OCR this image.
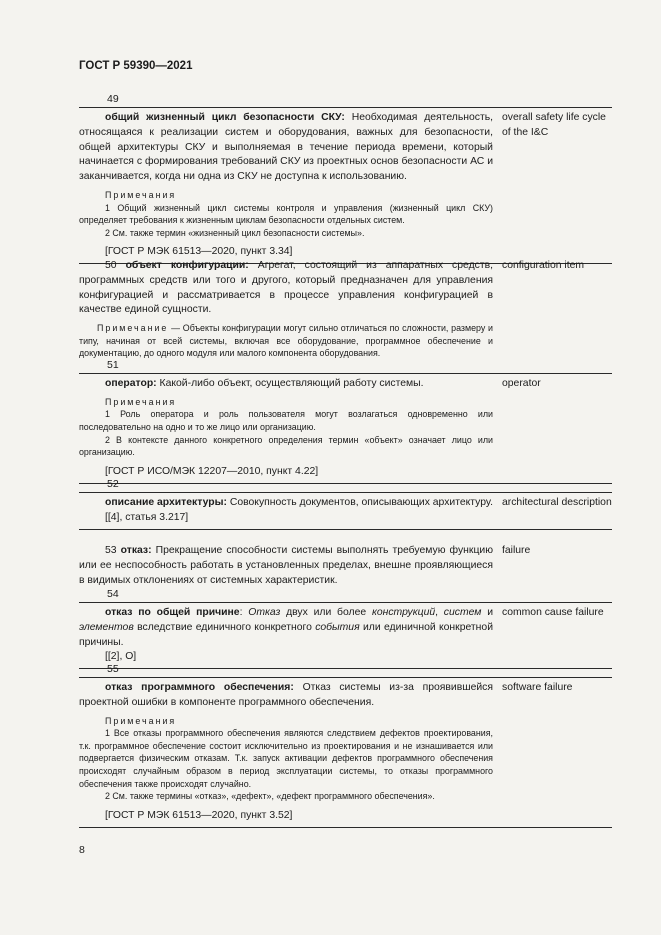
ГОСТ Р 59390—2021
49
общий жизненный цикл безопасности СКУ: Необходимая деятельность, относящаяся к реализации систем и оборудования, важных для безопасности, общей архитектуры СКУ и выполняемая в течение периода времени, который начинается с формирования требований СКУ из проектных основ безопасности АС и заканчивается, когда ни одна из СКУ не доступна к использованию.
Примечания
1 Общий жизненный цикл системы контроля и управления (жизненный цикл СКУ) определяет требования к жизненным циклам безопасности отдельных систем.
2 См. также термин «жизненный цикл безопасности системы».
[ГОСТ Р МЭК 61513—2020, пункт 3.34]
overall safety life cycle of the I&C
50 объект конфигурации: Агрегат, состоящий из аппаратных средств, программных средств или того и другого, который предназначен для управления конфигурацией и рассматривается в процессе управления конфигурацией в качестве единой сущности.
Примечание — Объекты конфигурации могут сильно отличаться по сложности, размеру и типу, начиная от всей системы, включая все оборудование, программное обеспечение и документацию, до одного модуля или малого компонента оборудования.
configuration item
51
оператор: Какой-либо объект, осуществляющий работу системы.
Примечания
1 Роль оператора и роль пользователя могут возлагаться одновременно или последовательно на одно и то же лицо или организацию.
2 В контексте данного конкретного определения термин «объект» означает лицо или организацию.
[ГОСТ Р ИСО/МЭК 12207—2010, пункт 4.22]
operator
52
описание архитектуры: Совокупность документов, описывающих архитектуру.
[[4], статья 3.217]
architectural description
53 отказ: Прекращение способности системы выполнять требуемую функцию или ее неспособность работать в установленных пределах, внешне проявляющиеся в видимых отклонениях от системных характеристик.
failure
54
отказ по общей причине: Отказ двух или более конструкций, систем и элементов вследствие единичного конкретного события или единичной конкретной причины.
[[2], O]
common cause failure
55
отказ программного обеспечения: Отказ системы из-за проявившейся проектной ошибки в компоненте программного обеспечения.
Примечания
1 Все отказы программного обеспечения являются следствием дефектов проектирования, т.к. программное обеспечение состоит исключительно из проектирования и не изнашивается или подвергается физическим отказам. Т.к. запуск активации дефектов программного обеспечения происходят случайным образом в период эксплуатации системы, то отказы программного обеспечения также происходят случайно.
2 См. также термины «отказ», «дефект», «дефект программного обеспечения».
[ГОСТ Р МЭК 61513—2020, пункт 3.52]
software failure
8
